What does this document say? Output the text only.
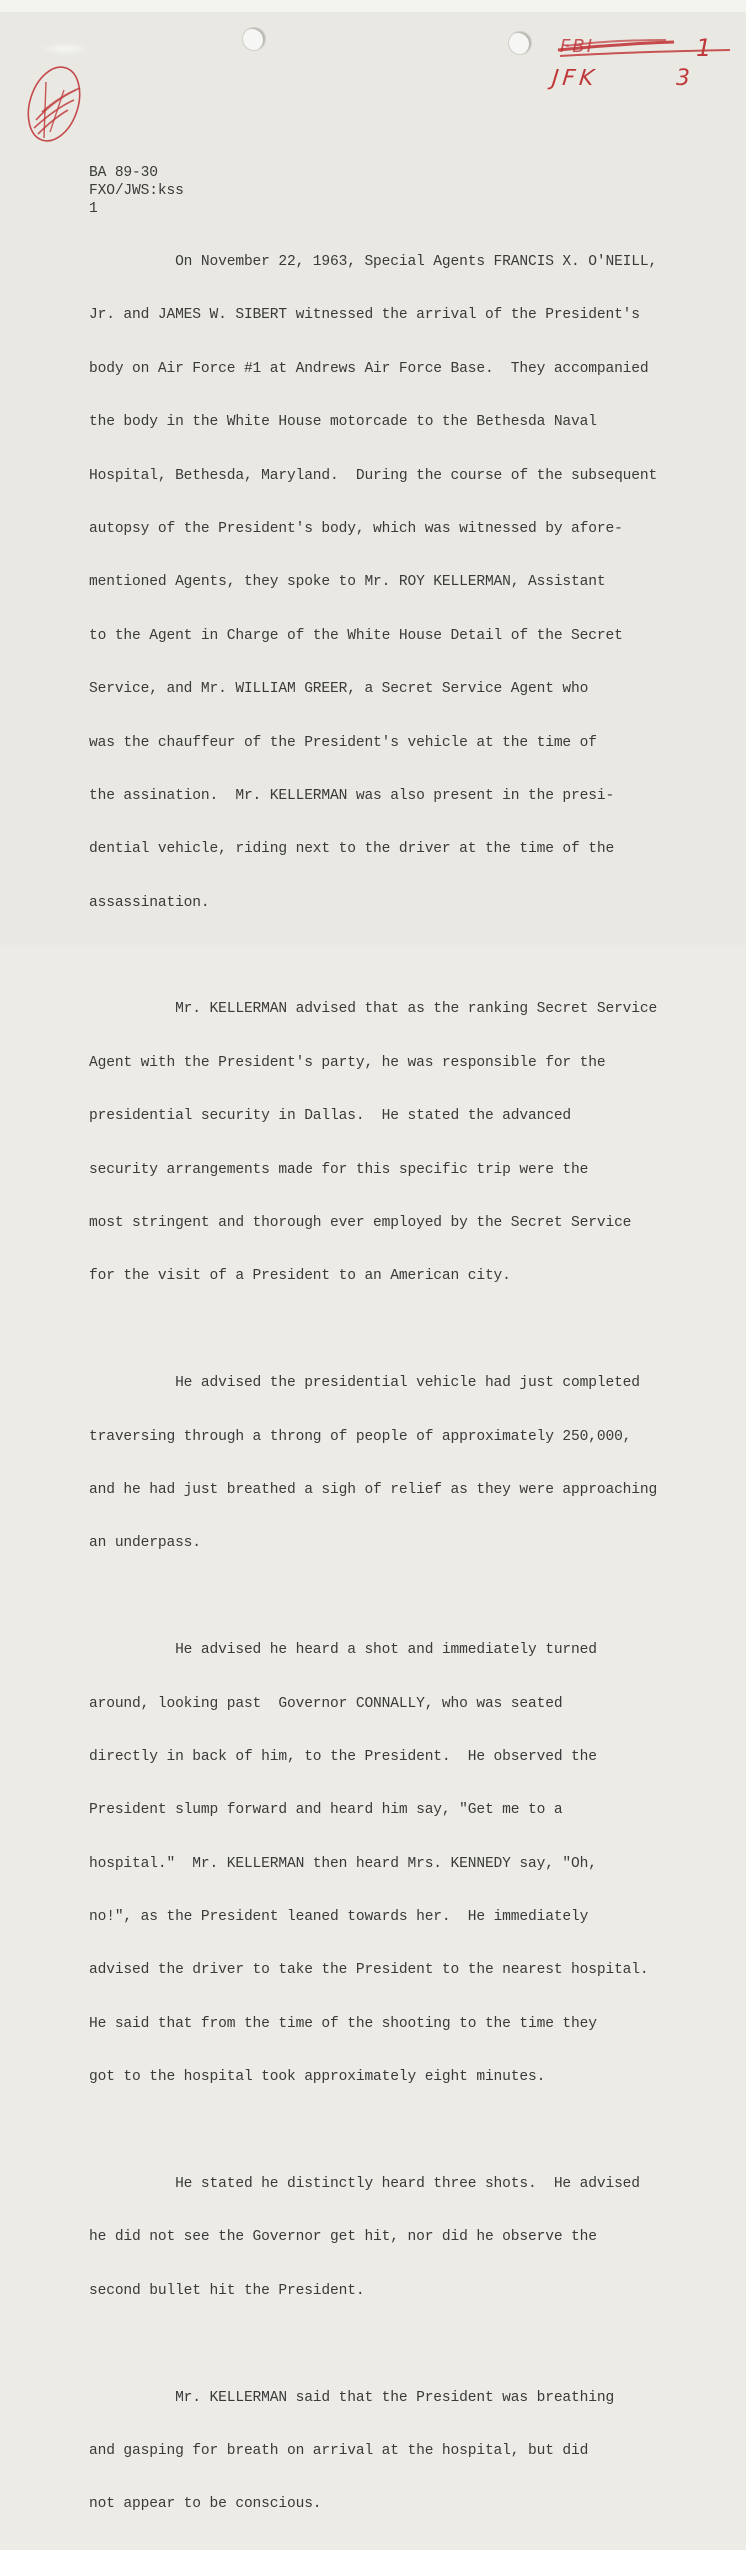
FBI	1
JFK	3
BA 89-30
FXO/JWS:kss
1

On November 22, 1963, Special Agents FRANCIS X. O'NEILL,

Jr. and JAMES W. SIBERT witnessed the arrival of the President's

body on Air Force #1 at Andrews Air Force Base.  They accompanied

the body in the White House motorcade to the Bethesda Naval

Hospital, Bethesda, Maryland.  During the course of the subsequent

autopsy of the President's body, which was witnessed by afore-

mentioned Agents, they spoke to Mr. ROY KELLERMAN, Assistant

to the Agent in Charge of the White House Detail of the Secret

Service, and Mr. WILLIAM GREER, a Secret Service Agent who

was the chauffeur of the President's vehicle at the time of

the assination.  Mr. KELLERMAN was also present in the presi-

dential vehicle, riding next to the driver at the time of the

assassination.

Mr. KELLERMAN advised that as the ranking Secret Service

Agent with the President's party, he was responsible for the

presidential security in Dallas.  He stated the advanced

security arrangements made for this specific trip were the

most stringent and thorough ever employed by the Secret Service

for the visit of a President to an American city.

He advised the presidential vehicle had just completed

traversing through a throng of people of approximately 250,000,

and he had just breathed a sigh of relief as they were approaching

an underpass.

He advised he heard a shot and immediately turned

around, looking past  Governor CONNALLY, who was seated

directly in back of him, to the President.  He observed the

President slump forward and heard him say, "Get me to a

hospital."  Mr. KELLERMAN then heard Mrs. KENNEDY say, "Oh,

no!", as the President leaned towards her.  He immediately

advised the driver to take the President to the nearest hospital.

He said that from the time of the shooting to the time they

got to the hospital took approximately eight minutes.

He stated he distinctly heard three shots.  He advised

he did not see the Governor get hit, nor did he observe the

second bullet hit the President.

Mr. KELLERMAN said that the President was breathing

and gasping for breath on arrival at the hospital, but did

not appear to be conscious.
